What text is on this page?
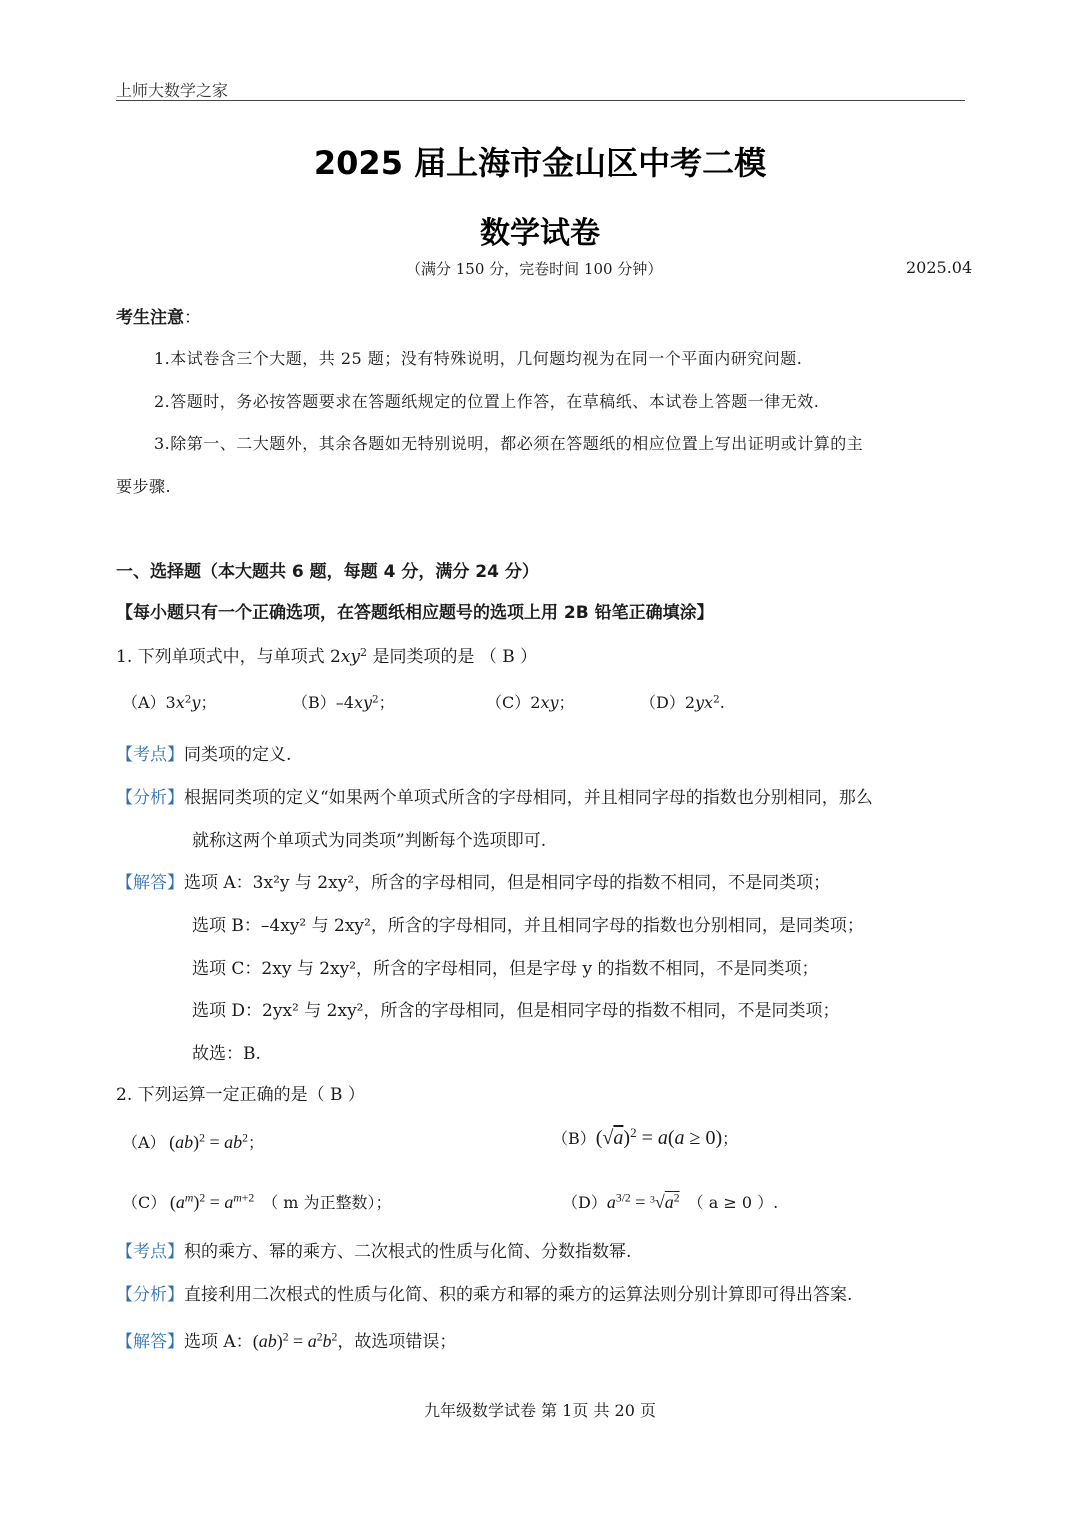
上师大数学之家
2025 届上海市金山区中考二模
数学试卷
（满分 150 分，完卷时间 100 分钟）	2025.04
考生注意：
1.本试卷含三个大题，共 25 题；没有特殊说明，几何题均视为在同一个平面内研究问题.
2.答题时，务必按答题要求在答题纸规定的位置上作答，在草稿纸、本试卷上答题一律无效.
3.除第一、二大题外，其余各题如无特别说明，都必须在答题纸的相应位置上写出证明或计算的主
要步骤.
一、选择题（本大题共 6 题，每题 4 分，满分 24 分）
【每小题只有一个正确选项，在答题纸相应题号的选项上用 2B 铅笔正确填涂】
1. 下列单项式中，与单项式 $2xy^2$ 是同类项的是 （ B ）
$(A)3x^2y$；	$(B)-4xy^2$；	（C）2xy；	$(D)2yx^2$.
【考点】同类项的定义.
【分析】根据同类项的定义“如果两个单项式所含的字母相同，并且相同字母的指数也分别相同，那么
就称这两个单项式为同类项”判断每个选项即可.
【解答】选项 A：3x²y 与 2xy²，所含的字母相同，但是相同字母的指数不相同，不是同类项；
选项 B：–4xy² 与 2xy²，所含的字母相同，并且相同字母的指数也分别相同，是同类项；
选项 C：2xy 与 2xy²，所含的字母相同，但是字母 y 的指数不相同，不是同类项；
选项 D：2yx² 与 2xy²，所含的字母相同，但是相同字母的指数不相同，不是同类项；
故选：B.
2. 下列运算一定正确的是（ B ）
（A） $(ab)^2 = ab^2$；	$(B)(√a)^2 = a(a \ge 0)$；
（C） $(a^m)^2 = a^{m+2}$  （ m 为正整数）；	$(D)a^{3/2} = ^3√a^2$  （ a ≥ 0 ）.
【考点】积的乘方、幂的乘方、二次根式的性质与化简、分数指数幂.
【分析】直接利用二次根式的性质与化简、积的乘方和幂的乘方的运算法则分别计算即可得出答案.
【解答】选项 A：$(ab)^2 = a^2b^2$，故选项错误；
九年级数学试卷 第 1页 共 20 页
